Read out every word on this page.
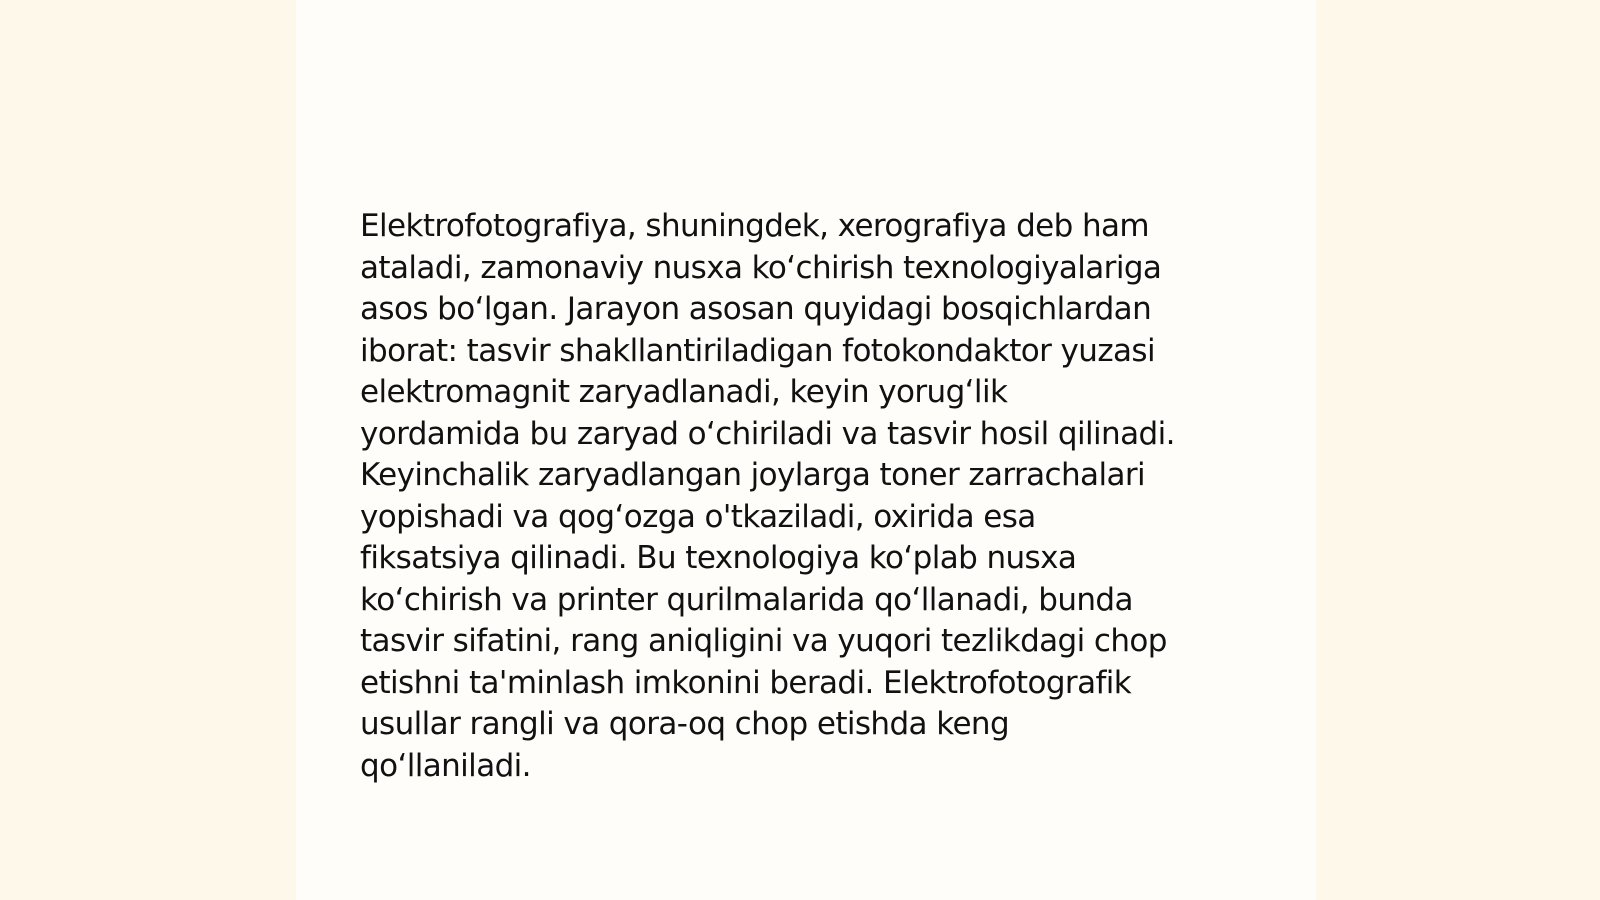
Elektrofotografiya, shuningdek, xerografiya deb ham
ataladi, zamonaviy nusxa ko‘chirish texnologiyalariga
asos bo‘lgan. Jarayon asosan quyidagi bosqichlardan
iborat: tasvir shakllantiriladigan fotokondaktor yuzasi
elektromagnit zaryadlanadi, keyin yorug‘lik
yordamida bu zaryad o‘chiriladi va tasvir hosil qilinadi.
Keyinchalik zaryadlangan joylarga toner zarrachalari
yopishadi va qog‘ozga o'tkaziladi, oxirida esa
fiksatsiya qilinadi. Bu texnologiya ko‘plab nusxa
ko‘chirish va printer qurilmalarida qo‘llanadi, bunda
tasvir sifatini, rang aniqligini va yuqori tezlikdagi chop
etishni ta'minlash imkonini beradi. Elektrofotografik
usullar rangli va qora-oq chop etishda keng
qo‘llaniladi.
